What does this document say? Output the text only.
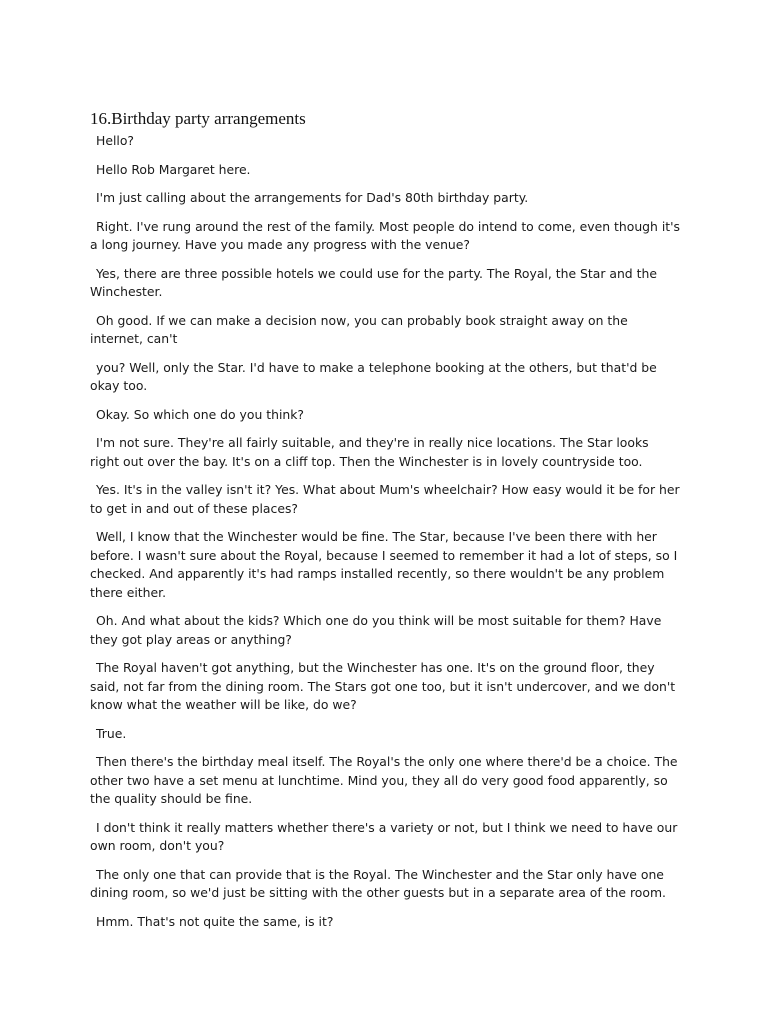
16.Birthday party arrangements

Hello?

Hello Rob Margaret here.

I'm just calling about the arrangements for Dad's 80th birthday party.

Right. I've rung around the rest of the family. Most people do intend to come, even though it's a long journey. Have you made any progress with the venue?

Yes, there are three possible hotels we could use for the party. The Royal, the Star and the Winchester.

Oh good. If we can make a decision now, you can probably book straight away on the internet, can't

you? Well, only the Star. I'd have to make a telephone booking at the others, but that'd be okay too.

Okay. So which one do you think?

I'm not sure. They're all fairly suitable, and they're in really nice locations. The Star looks right out over the bay. It's on a cliff top. Then the Winchester is in lovely countryside too.

Yes. It's in the valley isn't it? Yes. What about Mum's wheelchair? How easy would it be for her to get in and out of these places?

Well, I know that the Winchester would be fine. The Star, because I've been there with her before. I wasn't sure about the Royal, because I seemed to remember it had a lot of steps, so I checked. And apparently it's had ramps installed recently, so there wouldn't be any problem there either.

Oh. And what about the kids? Which one do you think will be most suitable for them? Have they got play areas or anything?

The Royal haven't got anything, but the Winchester has one. It's on the ground floor, they said, not far from the dining room. The Stars got one too, but it isn't undercover, and we don't know what the weather will be like, do we?

True.

Then there's the birthday meal itself. The Royal's the only one where there'd be a choice. The other two have a set menu at lunchtime. Mind you, they all do very good food apparently, so the quality should be fine.

I don't think it really matters whether there's a variety or not, but I think we need to have our own room, don't you?

The only one that can provide that is the Royal. The Winchester and the Star only have one dining room, so we'd just be sitting with the other guests but in a separate area of the room.

Hmm. That's not quite the same, is it?
